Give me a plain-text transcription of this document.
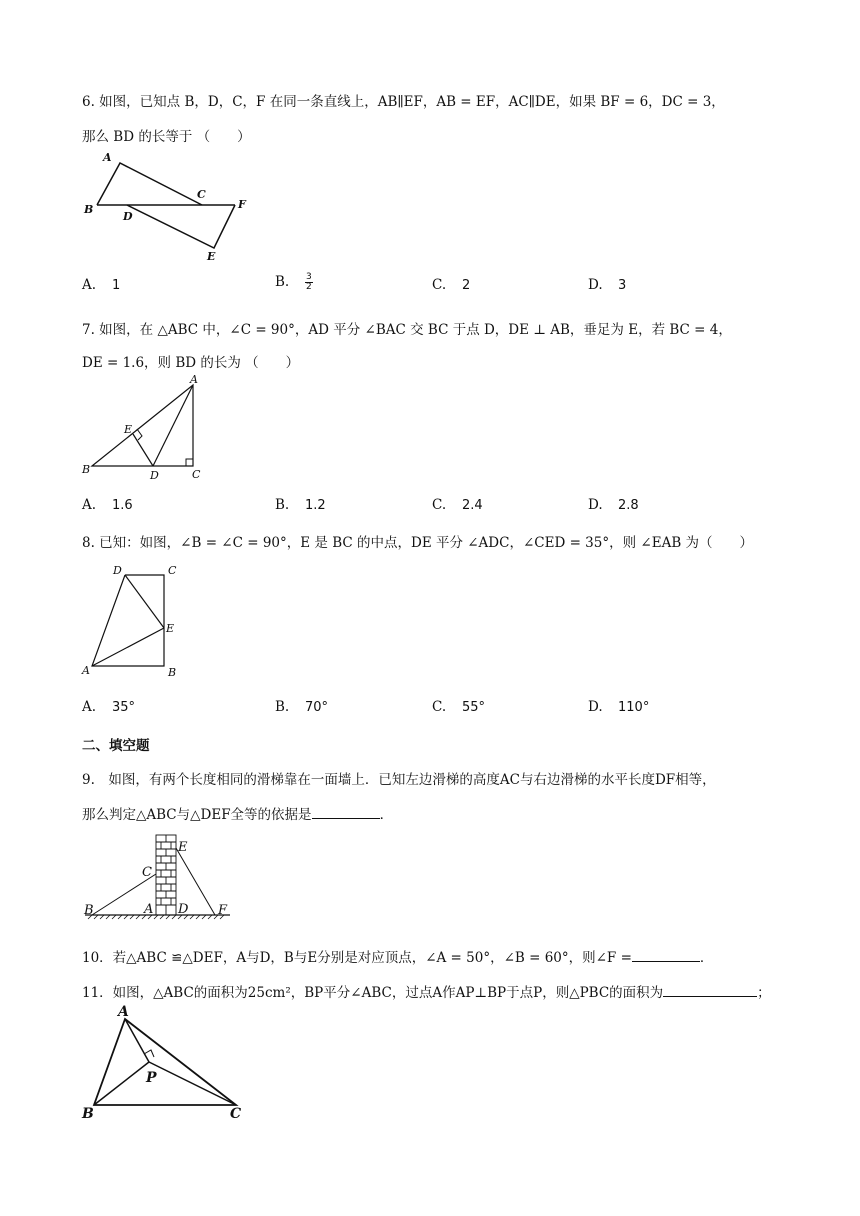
6. 如图，已知点 B，D，C，F 在同一条直线上，AB∥EF，AB = EF，AC∥DE，如果 BF = 6，DC = 3，
那么 BD 的长等于 （　　）
A
B
C
D
E
F
A. 1	B. $\frac{3}{2}$	C. 2	D. 3
7. 如图，在 △ABC 中，∠C = 90°，AD 平分 ∠BAC 交 BC 于点 D，DE ⊥ AB，垂足为 E，若 BC = 4，
DE = 1.6，则 BD 的长为 （　　）
A
B	C
D
E
A. 1.6	B. 1.2	C. 2.4	D. 2.8
8. 已知：如图，∠B = ∠C = 90°，E 是 BC 的中点，DE 平分 ∠ADC，∠CED = 35°，则 ∠EAB 为（　　）
D	C
E
A	B
A. 35°	B. 70°	C. 55°	D. 110°
二、填空题
9.　如图，有两个长度相同的滑梯靠在一面墙上．已知左边滑梯的高度AC与右边滑梯的水平长度DF相等，
那么判定△ABC与△DEF全等的依据是	．
B
C
A
E
D F
10．若△ABC ≌△DEF，A与D，B与E分别是对应顶点，∠A = 50°，∠B = 60°，则∠F =	．
11．如图，△ABC的面积为25cm²，BP平分∠ABC，过点A作AP⊥BP于点P，则△PBC的面积为	；
A
B	C
P
